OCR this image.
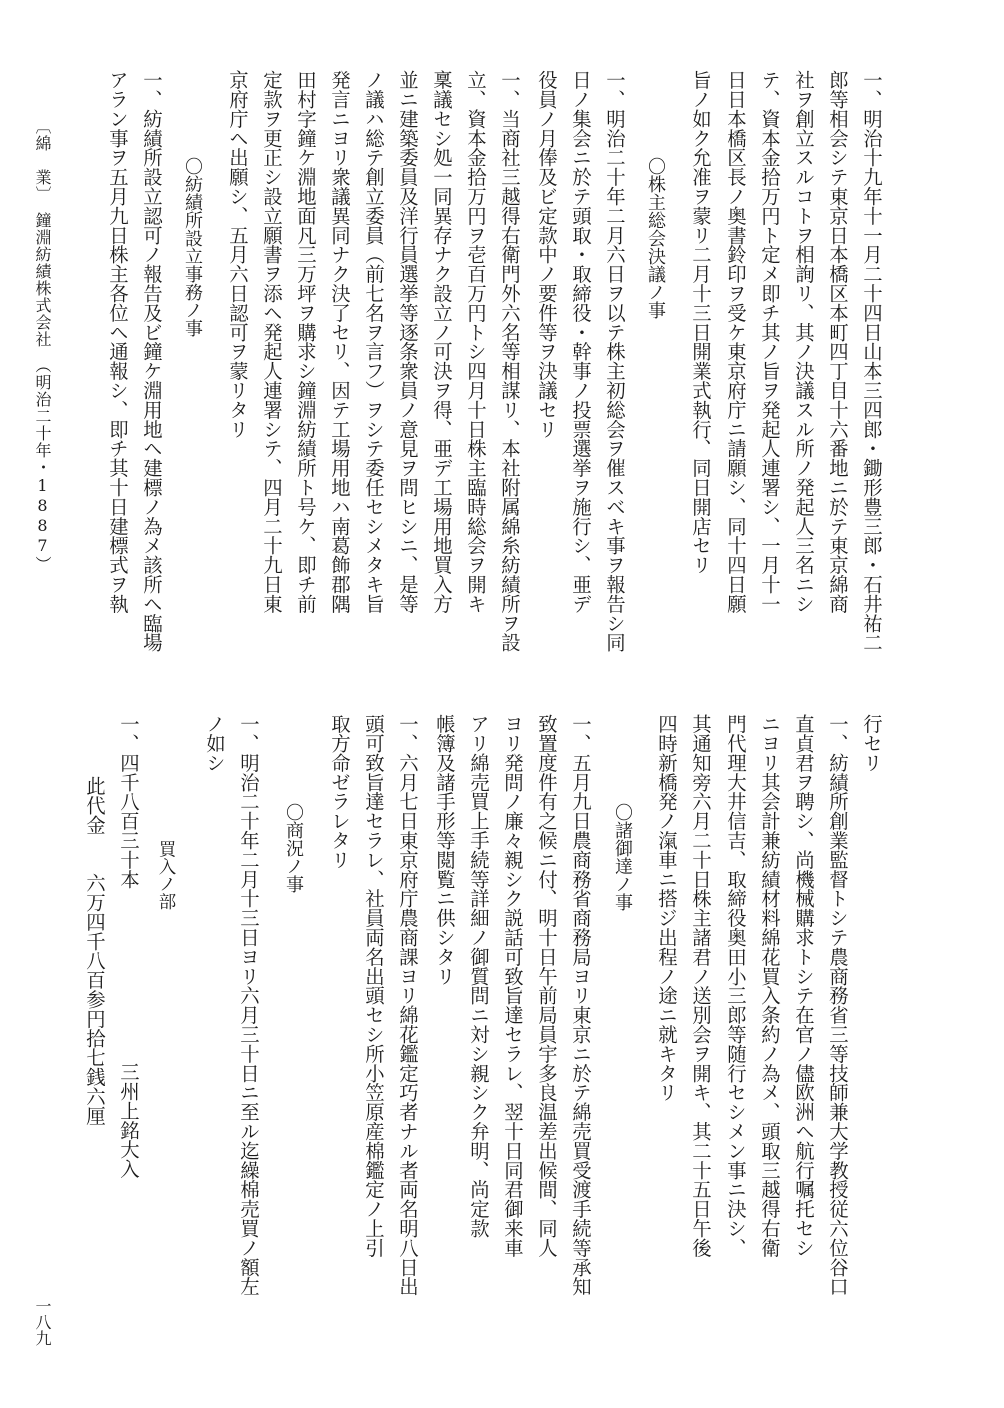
一、明治十九年十一月二十四日山本三四郎・鋤形豊三郎・石井祐二

郎等相会シテ東京日本橋区本町四丁目十六番地ニ於テ東京綿商

社ヲ創立スルコトヲ相詢リ、其ノ決議スル所ノ発起人三名ニシ

テ、資本金拾万円ト定メ即チ其ノ旨ヲ発起人連署シ、一月十一

日日本橋区長ノ奥書鈴印ヲ受ケ東京府庁ニ請願シ、同十四日願

旨ノ如ク允准ヲ蒙リ二月十三日開業式執行、同日開店セリ

〇株主総会決議ノ事

一、明治二十年二月六日ヲ以テ株主初総会ヲ催スベキ事ヲ報告シ同

日ノ集会ニ於テ頭取・取締役・幹事ノ投票選挙ヲ施行シ、亜デ

役員ノ月俸及ビ定款中ノ要件等ヲ決議セリ

一、当商社三越得右衛門外六名等相謀リ、本社附属綿糸紡績所ヲ設

立、資本金拾万円ヲ壱百万円トシ四月十日株主臨時総会ヲ開キ

稟議セシ処一同異存ナク設立ノ可決ヲ得、亜デ工場用地買入方

並ニ建築委員及洋行員選挙等逐条衆員ノ意見ヲ問ヒシニ、是等

ノ議ハ総テ創立委員（前七名ヲ言フ）ヲシテ委任セシメタキ旨

発言ニヨリ衆議異同ナク決了セリ、因テ工場用地ハ南葛飾郡隅

田村字鐘ケ淵地面凡三万坪ヲ購求シ鐘淵紡績所ト号ケ、即チ前

定款ヲ更正シ設立願書ヲ添ヘ発起人連署シテ、四月二十九日東

京府庁ヘ出願シ、五月六日認可ヲ蒙リタリ

〇紡績所設立事務ノ事

一、紡績所設立認可ノ報告及ビ鐘ケ淵用地ヘ建標ノ為メ該所ヘ臨場

アラン事ヲ五月九日株主各位ヘ通報シ、即チ其十日建標式ヲ執

行セリ

一、紡績所創業監督トシテ農商務省三等技師兼大学教授従六位谷口

直貞君ヲ聘シ、尚機械購求トシテ在官ノ儘欧洲ヘ航行嘱托セシ

ニヨリ其会計兼紡績材料綿花買入条約ノ為メ、頭取三越得右衛

門代理大井信吉、取締役奥田小三郎等随行セシメン事ニ決シ、

其通知旁六月二十日株主諸君ノ送別会ヲ開キ、其二十五日午後

四時新橋発ノ滊車ニ搭ジ出程ノ途ニ就キタリ

〇諸御達ノ事

一、五月九日農商務省商務局ヨリ東京ニ於テ綿売買受渡手続等承知

致置度件有之候ニ付、明十日午前局員宇多良温差出候間、同人

ヨリ発問ノ廉々親シク説話可致旨達セラレ、翌十日同君御来車

アリ綿売買上手続等詳細ノ御質問ニ対シ親シク弁明、尚定款

帳簿及諸手形等閲覧ニ供シタリ

一、六月七日東京府庁農商課ヨリ綿花鑑定巧者ナル者両名明八日出

頭可致旨達セラレ、社員両名出頭セシ所小笠原産棉鑑定ノ上引

取方命ゼラレタリ

〇商況ノ事

一、明治二十年二月十三日ヨリ六月三十日ニ至ル迄繰棉売買ノ額左

ノ如シ

買入ノ部

一、四千八百三十本

此代金　　六万四千八百参円拾七銭六厘 三州上銘大入

〔綿　業〕　鐘淵紡績株式会社　（明治二十年・1887）

一八九
